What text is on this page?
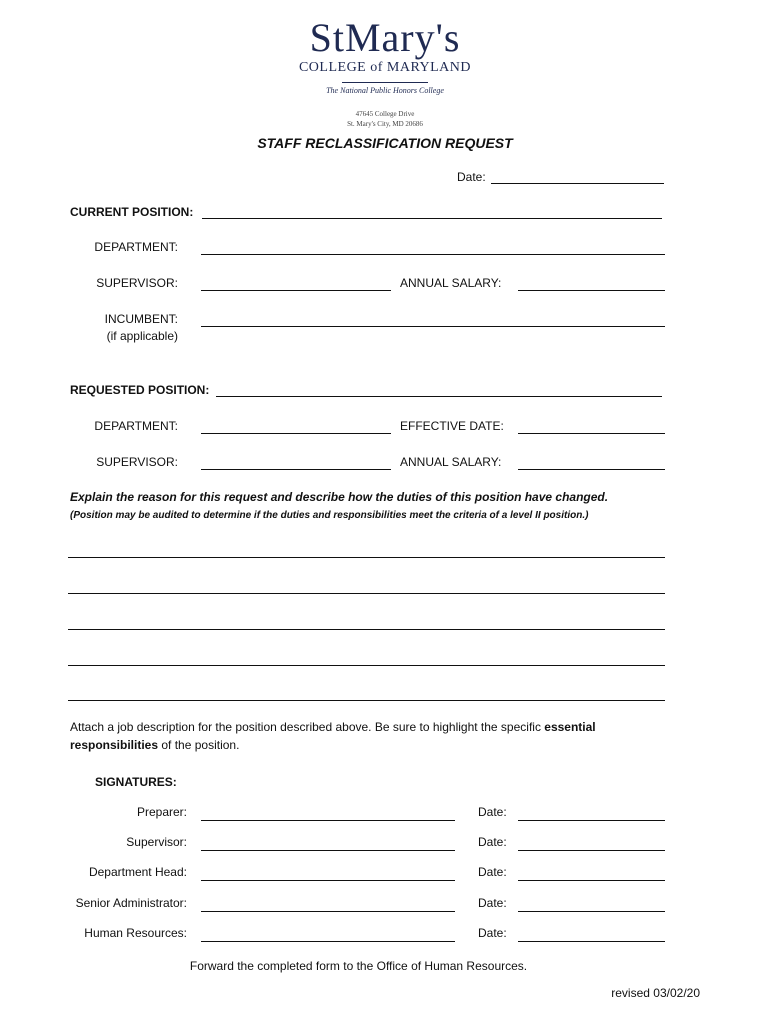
StMary's
COLLEGE of MARYLAND
The National Public Honors College
47645 College Drive
St. Mary's City, MD 20686
STAFF RECLASSIFICATION REQUEST
Date:
CURRENT POSITION:
DEPARTMENT:
SUPERVISOR:	ANNUAL SALARY:
INCUMBENT:
(if applicable)
REQUESTED POSITION:
DEPARTMENT:	EFFECTIVE DATE:
SUPERVISOR:	ANNUAL SALARY:
Explain the reason for this request and describe how the duties of this position have changed.
(Position may be audited to determine if the duties and responsibilities meet the criteria of a level II position.)
Attach a job description for the position described above. Be sure to highlight the specific essential
responsibilities of the position.
SIGNATURES:
Preparer:	Date:
Supervisor:	Date:
Department Head:	Date:
Senior Administrator:	Date:
Human Resources:	Date:
Forward the completed form to the Office of Human Resources.
revised 03/02/20
